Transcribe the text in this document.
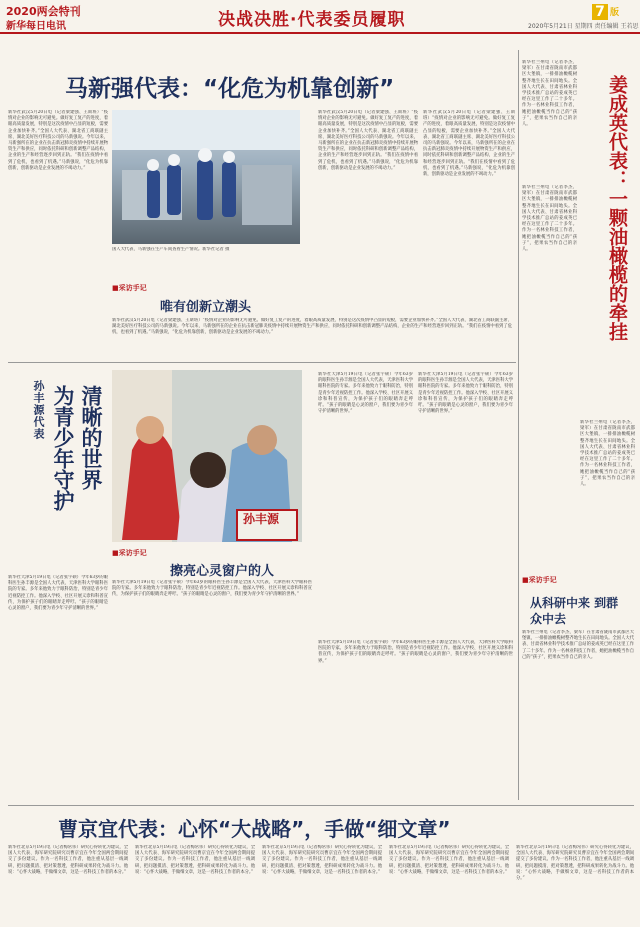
2020两会特刊
新华每日电讯	决战决胜·代表委员履职	7 版
2020年5月21日 星期四 责任编辑 王若思
马新强代表：“化危为机靠创新”
新华社武汉5月20日电（记者梁建强、王斯班）“疫情对企业的影响无可避免。做好复工复产的进度，着眼高质量发展，特别是这次疫情中凸显的短板，需要企业加快补齐。”全国人大代表、湖北省工商联副主席、湖北美好医疗科技公司的马新强说。今年以来，马新强所在的企业在抗击新冠肺炎疫情中持续开展物资生产和供应，同时依托科研和创新调整产品结构，企业的生产和经营逐步回到正轨。“我们在疫情中看到了危机，也看到了机遇。”马新强说，“化危为机靠创新，创新驱动是企业发展的不竭动力。”
国人大代表、马新强在生产车间查看生产情况。新华社记者 摄
新华社武汉5月20日电（记者梁建强、王斯班）“疫情对企业的影响无可避免。做好复工复产的进度，着眼高质量发展，特别是这次疫情中凸显的短板，需要企业加快补齐。”全国人大代表、湖北省工商联副主席、湖北美好医疗科技公司的马新强说。今年以来，马新强所在的企业在抗击新冠肺炎疫情中持续开展物资生产和供应，同时依托科研和创新调整产品结构，企业的生产和经营逐步回到正轨。“我们在疫情中看到了危机，也看到了机遇。”马新强说，“化危为机靠创新，创新驱动是企业发展的不竭动力。”
新华社武汉5月20日电（记者梁建强、王斯班）“疫情对企业的影响无可避免。做好复工复产的进度，着眼高质量发展，特别是这次疫情中凸显的短板，需要企业加快补齐。”全国人大代表、湖北省工商联副主席、湖北美好医疗科技公司的马新强说。今年以来，马新强所在的企业在抗击新冠肺炎疫情中持续开展物资生产和供应，同时依托科研和创新调整产品结构，企业的生产和经营逐步回到正轨。“我们在疫情中看到了危机，也看到了机遇。”马新强说，“化危为机靠创新，创新驱动是企业发展的不竭动力。”
■采访手记
唯有创新立潮头
新华社武汉5月20日电（记者梁建强、王斯班）“疫情对企业的影响无可避免。做好复工复产的进度，着眼高质量发展，特别是这次疫情中凸显的短板，需要企业加快补齐。”全国人大代表、湖北省工商联副主席、湖北美好医疗科技公司的马新强说。今年以来，马新强所在的企业在抗击新冠肺炎疫情中持续开展物资生产和供应，同时依托科研和创新调整产品结构，企业的生产和经营逐步回到正轨。“我们在疫情中看到了危机，也看到了机遇。”马新强说，“化危为机靠创新，创新驱动是企业发展的不竭动力。”
新华社兰州电（记者李杰、梁军）在甘肃省陇南市武都区大堡镇，一排排油橄榄树整齐地生长在田间地头。全国人大代表、甘肃省林业科学技术推广总站的姜成英已经在这里工作了二十多年。作为一名林业科技工作者，她把油橄榄当作自己的“孩子”，把果农当作自己的亲人。	姜成英代表：一颗油橄榄的牵挂
新华社兰州电（记者李杰、梁军）在甘肃省陇南市武都区大堡镇，一排排油橄榄树整齐地生长在田间地头。全国人大代表、甘肃省林业科学技术推广总站的姜成英已经在这里工作了二十多年。作为一名林业科技工作者，她把油橄榄当作自己的“孩子”，把果农当作自己的亲人。
新华社兰州电（记者李杰、梁军）在甘肃省陇南市武都区大堡镇，一排排油橄榄树整齐地生长在田间地头。全国人大代表、甘肃省林业科学技术推广总站的姜成英已经在这里工作了二十多年。作为一名林业科技工作者，她把油橄榄当作自己的“孩子”，把果农当作自己的亲人。
■采访手记
从科研中来 到群众中去
新华社兰州电（记者李杰、梁军）在甘肃省陇南市武都区大堡镇，一排排油橄榄树整齐地生长在田间地头。全国人大代表、甘肃省林业科学技术推广总站的姜成英已经在这里工作了二十多年。作为一名林业科技工作者，她把油橄榄当作自己的“孩子”，把果农当作自己的亲人。
孙丰源代表 为青少年守护 清晰的世界
新华社天津5月19日电（记者张宇硕）今年63岁的眼科医生孙丰源是全国人大代表，天津医科大学眼科医院的专家。多年来他致力于眼科防治，特别是青少年近视防控工作。他深入学校、社区开展义诊和科普宣传，为保护孩子们的眼睛奔走呼吁。“孩子的眼睛是心灵的窗户，我们要为青少年守护清晰的世界。”
孙丰源
新华社天津5月19日电（记者张宇硕）今年63岁的眼科医生孙丰源是全国人大代表，天津医科大学眼科医院的专家。多年来他致力于眼科防治，特别是青少年近视防控工作。他深入学校、社区开展义诊和科普宣传，为保护孩子们的眼睛奔走呼吁。“孩子的眼睛是心灵的窗户，我们要为青少年守护清晰的世界。”
新华社天津5月19日电（记者张宇硕）今年63岁的眼科医生孙丰源是全国人大代表，天津医科大学眼科医院的专家。多年来他致力于眼科防治，特别是青少年近视防控工作。他深入学校、社区开展义诊和科普宣传，为保护孩子们的眼睛奔走呼吁。“孩子的眼睛是心灵的窗户，我们要为青少年守护清晰的世界。”
■采访手记
擦亮心灵窗户的人
新华社天津5月19日电（记者张宇硕）今年63岁的眼科医生孙丰源是全国人大代表，天津医科大学眼科医院的专家。多年来他致力于眼科防治，特别是青少年近视防控工作。他深入学校、社区开展义诊和科普宣传，为保护孩子们的眼睛奔走呼吁。“孩子的眼睛是心灵的窗户，我们要为青少年守护清晰的世界。”
新华社天津5月19日电（记者张宇硕）今年63岁的眼科医生孙丰源是全国人大代表，天津医科大学眼科医院的专家。多年来他致力于眼科防治，特别是青少年近视防控工作。他深入学校、社区开展义诊和科普宣传，为保护孩子们的眼睛奔走呼吁。“孩子的眼睛是心灵的窗户，我们要为青少年守护清晰的世界。”
曹京宜代表：心怀“大战略”，手做“细文章”
新华社北京5月19日电（记者梅常伟）研究心得转化为建议，全国人大代表、海军研究院研究员曹京宜在今年全国两会期间提交了多份建议。作为一名科技工作者，他注重从基层一线调研，把问题摸清、把对策想透，把科研成果转化为战斗力。他说：“心怀大战略，手做细文章，这是一名科技工作者的本分。”
新华社北京5月19日电（记者梅常伟）研究心得转化为建议，全国人大代表、海军研究院研究员曹京宜在今年全国两会期间提交了多份建议。作为一名科技工作者，他注重从基层一线调研，把问题摸清、把对策想透，把科研成果转化为战斗力。他说：“心怀大战略，手做细文章，这是一名科技工作者的本分。”
新华社北京5月19日电（记者梅常伟）研究心得转化为建议，全国人大代表、海军研究院研究员曹京宜在今年全国两会期间提交了多份建议。作为一名科技工作者，他注重从基层一线调研，把问题摸清、把对策想透，把科研成果转化为战斗力。他说：“心怀大战略，手做细文章，这是一名科技工作者的本分。”
新华社北京5月19日电（记者梅常伟）研究心得转化为建议，全国人大代表、海军研究院研究员曹京宜在今年全国两会期间提交了多份建议。作为一名科技工作者，他注重从基层一线调研，把问题摸清、把对策想透，把科研成果转化为战斗力。他说：“心怀大战略，手做细文章，这是一名科技工作者的本分。”
新华社北京5月19日电（记者梅常伟）研究心得转化为建议，全国人大代表、海军研究院研究员曹京宜在今年全国两会期间提交了多份建议。作为一名科技工作者，他注重从基层一线调研，把问题摸清、把对策想透，把科研成果转化为战斗力。他说：“心怀大战略，手做细文章，这是一名科技工作者的本分。”
